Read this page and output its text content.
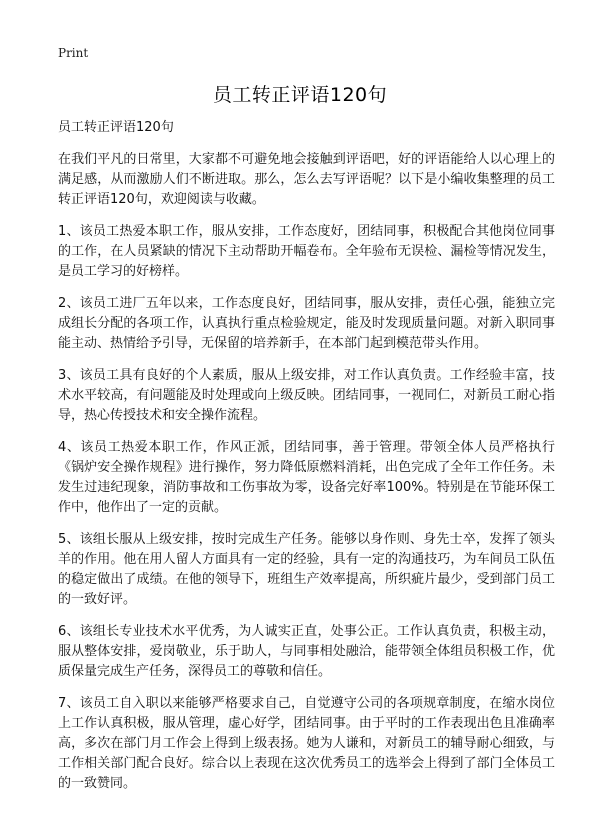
Print
员工转正评语120句

员工转正评语120句

在我们平凡的日常里，大家都不可避免地会接触到评语吧，好的评语能给人以心理上的满足感，从而激励人们不断进取。那么，怎么去写评语呢？以下是小编收集整理的员工转正评语120句，欢迎阅读与收藏。

1、该员工热爱本职工作，服从安排，工作态度好，团结同事，积极配合其他岗位同事的工作，在人员紧缺的情况下主动帮助开幅卷布。全年验布无误检、漏检等情况发生，是员工学习的好榜样。

2、该员工进厂五年以来，工作态度良好，团结同事，服从安排，责任心强，能独立完成组长分配的各项工作，认真执行重点检验规定，能及时发现质量问题。对新入职同事能主动、热情给予引导，无保留的培养新手，在本部门起到模范带头作用。

3、该员工具有良好的个人素质，服从上级安排，对工作认真负责。工作经验丰富，技术水平较高，有问题能及时处理或向上级反映。团结同事，一视同仁，对新员工耐心指导，热心传授技术和安全操作流程。

4、该员工热爱本职工作，作风正派，团结同事，善于管理。带领全体人员严格执行《锅炉安全操作规程》进行操作，努力降低原燃料消耗，出色完成了全年工作任务。未发生过违纪现象，消防事故和工伤事故为零，设备完好率100%。特别是在节能环保工作中，他作出了一定的贡献。

5、该组长服从上级安排，按时完成生产任务。能够以身作则、身先士卒，发挥了领头羊的作用。他在用人留人方面具有一定的经验，具有一定的沟通技巧，为车间员工队伍的稳定做出了成绩。在他的领导下，班组生产效率提高，所织疵片最少，受到部门员工的一致好评。

6、该组长专业技术水平优秀，为人诚实正直，处事公正。工作认真负责，积极主动，服从整体安排，爱岗敬业，乐于助人，与同事相处融洽，能带领全体组员积极工作，优质保量完成生产任务，深得员工的尊敬和信任。

7、该员工自入职以来能够严格要求自己，自觉遵守公司的各项规章制度，在缩水岗位上工作认真积极，服从管理，虚心好学，团结同事。由于平时的工作表现出色且准确率高，多次在部门月工作会上得到上级表扬。她为人谦和，对新员工的辅导耐心细致，与工作相关部门配合良好。综合以上表现在这次优秀员工的选举会上得到了部门全体员工的一致赞同。
